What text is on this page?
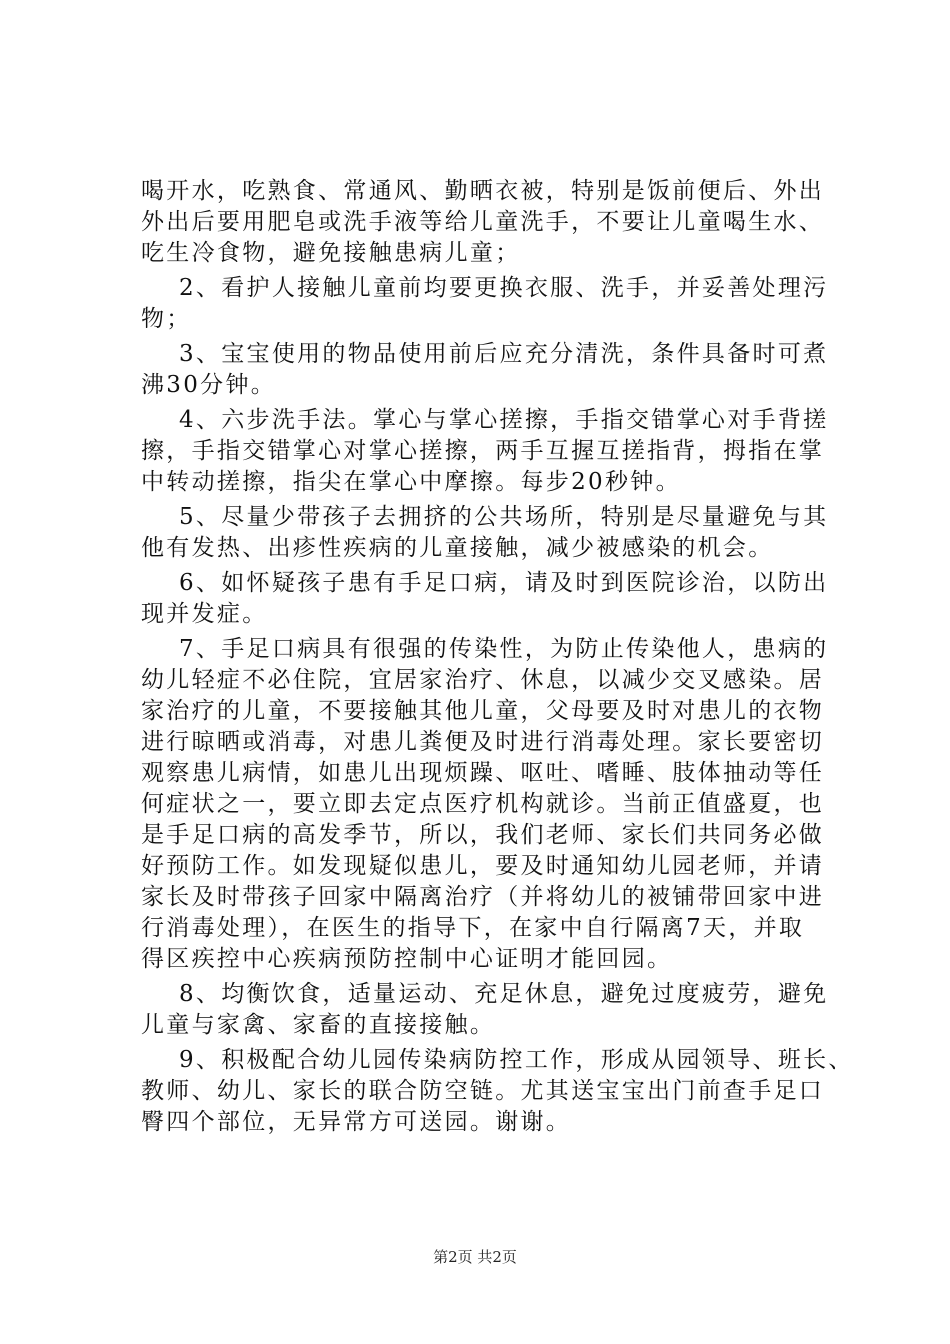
喝开水，吃熟食、常通风、勤晒衣被，特别是饭前便后、外出
外出后要用肥皂或洗手液等给儿童洗手，不要让儿童喝生水、
吃生冷食物，避免接触患病儿童；
2、看护人接触儿童前均要更换衣服、洗手，并妥善处理污
物；
3、宝宝使用的物品使用前后应充分清洗，条件具备时可煮
沸30分钟。
4、六步洗手法。掌心与掌心搓擦，手指交错掌心对手背搓
擦，手指交错掌心对掌心搓擦，两手互握互搓指背，拇指在掌
中转动搓擦，指尖在掌心中摩擦。每步20秒钟。
5、尽量少带孩子去拥挤的公共场所，特别是尽量避免与其
他有发热、出疹性疾病的儿童接触，减少被感染的机会。
6、如怀疑孩子患有手足口病，请及时到医院诊治，以防出
现并发症。
7、手足口病具有很强的传染性，为防止传染他人，患病的
幼儿轻症不必住院，宜居家治疗、休息，以减少交叉感染。居
家治疗的儿童，不要接触其他儿童，父母要及时对患儿的衣物
进行晾晒或消毒，对患儿粪便及时进行消毒处理。家长要密切
观察患儿病情，如患儿出现烦躁、呕吐、嗜睡、肢体抽动等任
何症状之一，要立即去定点医疗机构就诊。当前正值盛夏，也
是手足口病的高发季节，所以，我们老师、家长们共同务必做
好预防工作。如发现疑似患儿，要及时通知幼儿园老师，并请
家长及时带孩子回家中隔离治疗（并将幼儿的被铺带回家中进
行消毒处理），在医生的指导下，在家中自行隔离7天，并取
得区疾控中心疾病预防控制中心证明才能回园。
8、均衡饮食，适量运动、充足休息，避免过度疲劳，避免
儿童与家禽、家畜的直接接触。
9、积极配合幼儿园传染病防控工作，形成从园领导、班长、
教师、幼儿、家长的联合防空链。尤其送宝宝出门前查手足口
臀四个部位，无异常方可送园。谢谢。
第2页 共2页
